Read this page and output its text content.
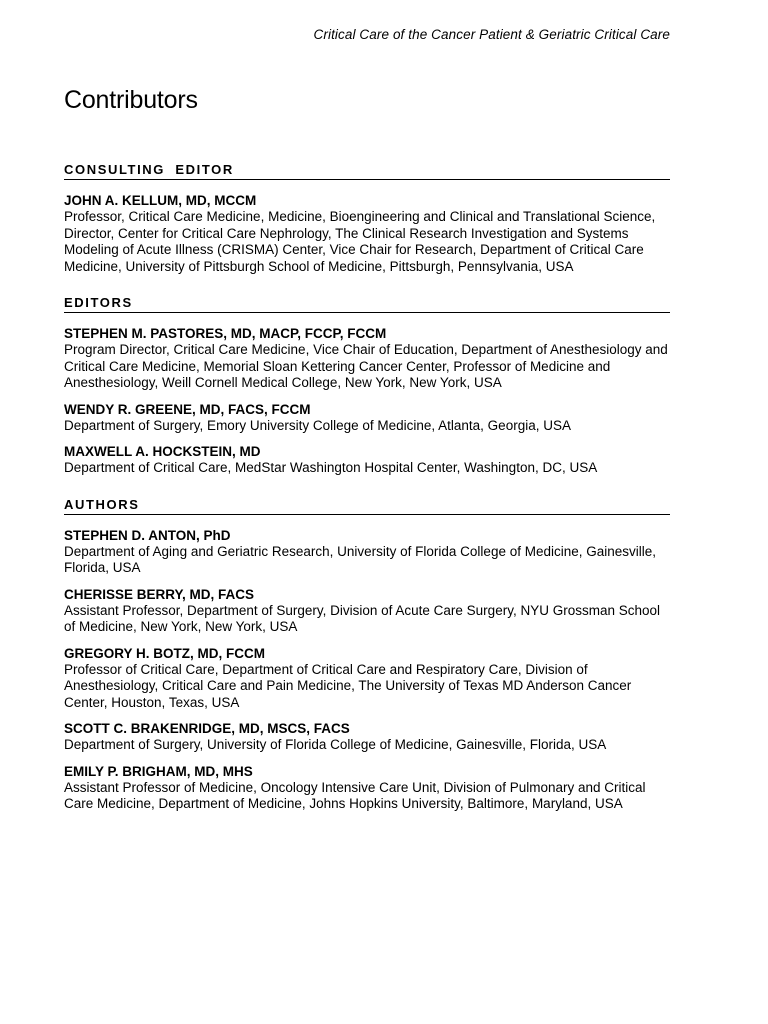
Critical Care of the Cancer Patient & Geriatric Critical Care
Contributors
CONSULTING  EDITOR
JOHN A. KELLUM, MD, MCCM
Professor, Critical Care Medicine, Medicine, Bioengineering and Clinical and Translational Science, Director, Center for Critical Care Nephrology, The Clinical Research Investigation and Systems Modeling of Acute Illness (CRISMA) Center, Vice Chair for Research, Department of Critical Care Medicine, University of Pittsburgh School of Medicine, Pittsburgh, Pennsylvania, USA
EDITORS
STEPHEN M. PASTORES, MD, MACP, FCCP, FCCM
Program Director, Critical Care Medicine, Vice Chair of Education, Department of Anesthesiology and Critical Care Medicine, Memorial Sloan Kettering Cancer Center, Professor of Medicine and Anesthesiology, Weill Cornell Medical College, New York, New York, USA
WENDY R. GREENE, MD, FACS, FCCM
Department of Surgery, Emory University College of Medicine, Atlanta, Georgia, USA
MAXWELL A. HOCKSTEIN, MD
Department of Critical Care, MedStar Washington Hospital Center, Washington, DC, USA
AUTHORS
STEPHEN D. ANTON, PhD
Department of Aging and Geriatric Research, University of Florida College of Medicine, Gainesville, Florida, USA
CHERISSE BERRY, MD, FACS
Assistant Professor, Department of Surgery, Division of Acute Care Surgery, NYU Grossman School of Medicine, New York, New York, USA
GREGORY H. BOTZ, MD, FCCM
Professor of Critical Care, Department of Critical Care and Respiratory Care, Division of Anesthesiology, Critical Care and Pain Medicine, The University of Texas MD Anderson Cancer Center, Houston, Texas, USA
SCOTT C. BRAKENRIDGE, MD, MSCS, FACS
Department of Surgery, University of Florida College of Medicine, Gainesville, Florida, USA
EMILY P. BRIGHAM, MD, MHS
Assistant Professor of Medicine, Oncology Intensive Care Unit, Division of Pulmonary and Critical Care Medicine, Department of Medicine, Johns Hopkins University, Baltimore, Maryland, USA
